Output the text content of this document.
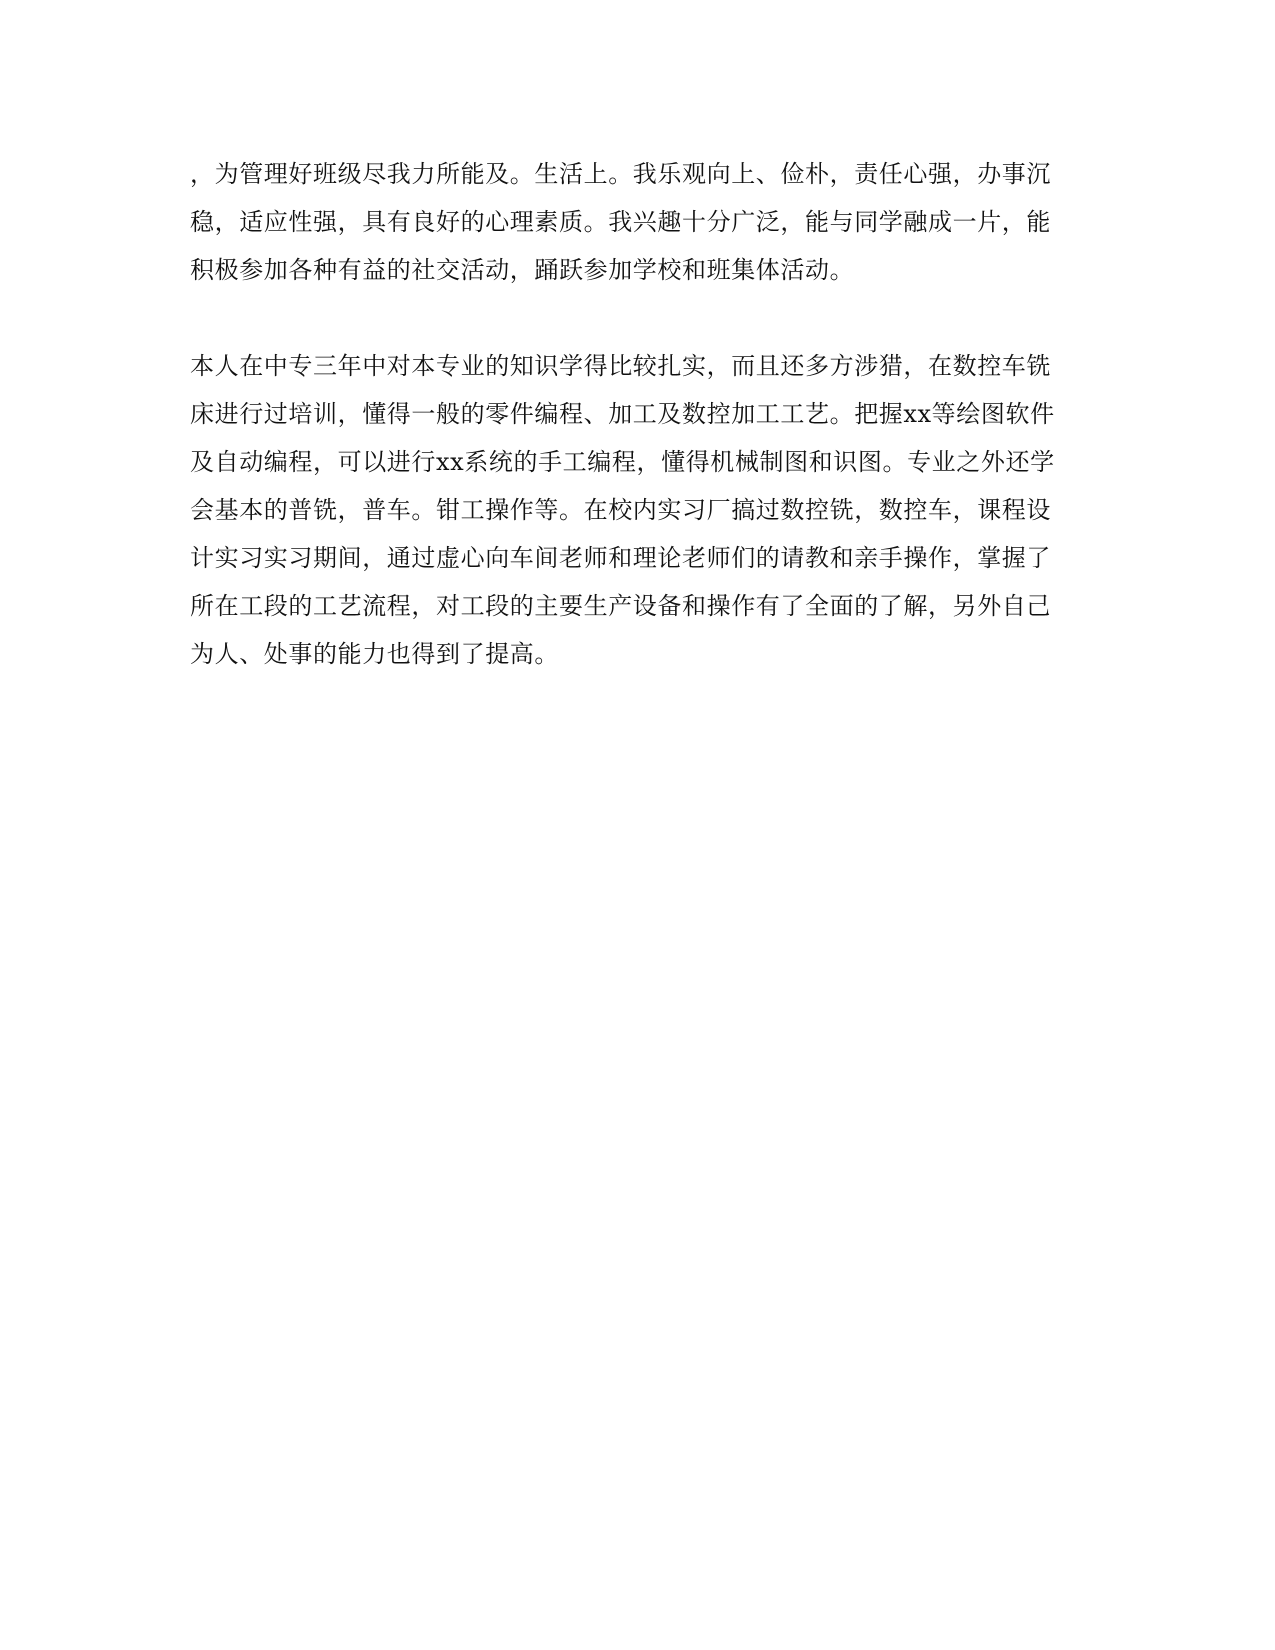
，为管理好班级尽我力所能及。生活上。我乐观向上、俭朴，责任心强，办事沉
稳，适应性强，具有良好的心理素质。我兴趣十分广泛，能与同学融成一片，能
积极参加各种有益的社交活动，踊跃参加学校和班集体活动。
本人在中专三年中对本专业的知识学得比较扎实，而且还多方涉猎，在数控车铣
床进行过培训，懂得一般的零件编程、加工及数控加工工艺。把握xx等绘图软件
及自动编程，可以进行xx系统的手工编程，懂得机械制图和识图。专业之外还学
会基本的普铣，普车。钳工操作等。在校内实习厂搞过数控铣，数控车，课程设
计实习实习期间，通过虚心向车间老师和理论老师们的请教和亲手操作，掌握了
所在工段的工艺流程，对工段的主要生产设备和操作有了全面的了解，另外自己
为人、处事的能力也得到了提高。
